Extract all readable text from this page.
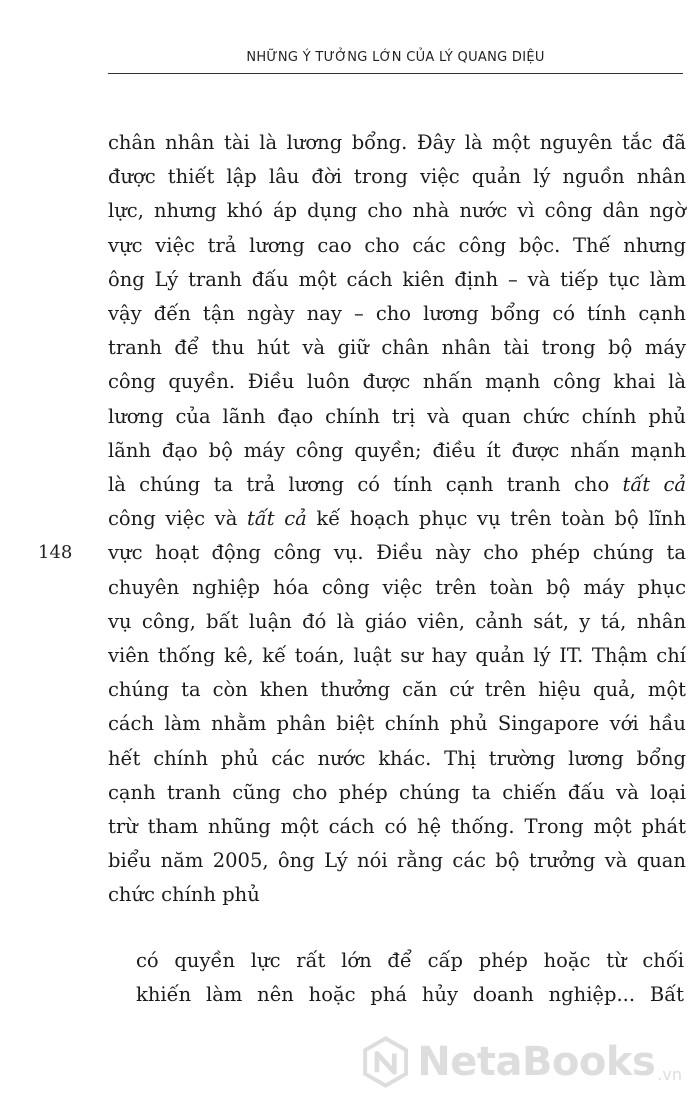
NHỮNG Ý TƯỞNG LỚN CỦA LÝ QUANG DIỆU
148
chân nhân tài là lương bổng. Đây là một nguyên tắc đã
được thiết lập lâu đời trong việc quản lý nguồn nhân
lực, nhưng khó áp dụng cho nhà nước vì công dân ngờ
vực việc trả lương cao cho các công bộc. Thế nhưng
ông Lý tranh đấu một cách kiên định – và tiếp tục làm
vậy đến tận ngày nay – cho lương bổng có tính cạnh
tranh để thu hút và giữ chân nhân tài trong bộ máy
công quyền. Điều luôn được nhấn mạnh công khai là
lương của lãnh đạo chính trị và quan chức chính phủ
lãnh đạo bộ máy công quyền; điều ít được nhấn mạnh
là chúng ta trả lương có tính cạnh tranh cho tất cả
công việc và tất cả kế hoạch phục vụ trên toàn bộ lĩnh
vực hoạt động công vụ. Điều này cho phép chúng ta
chuyên nghiệp hóa công việc trên toàn bộ máy phục
vụ công, bất luận đó là giáo viên, cảnh sát, y tá, nhân
viên thống kê, kế toán, luật sư hay quản lý IT. Thậm chí
chúng ta còn khen thưởng căn cứ trên hiệu quả, một
cách làm nhằm phân biệt chính phủ Singapore với hầu
hết chính phủ các nước khác. Thị trường lương bổng
cạnh tranh cũng cho phép chúng ta chiến đấu và loại
trừ tham nhũng một cách có hệ thống. Trong một phát
biểu năm 2005, ông Lý nói rằng các bộ trưởng và quan
chức chính phủ
có quyền lực rất lớn để cấp phép hoặc từ chối
khiến làm nên hoặc phá hủy doanh nghiệp... Bất
NetaBooks .vn
